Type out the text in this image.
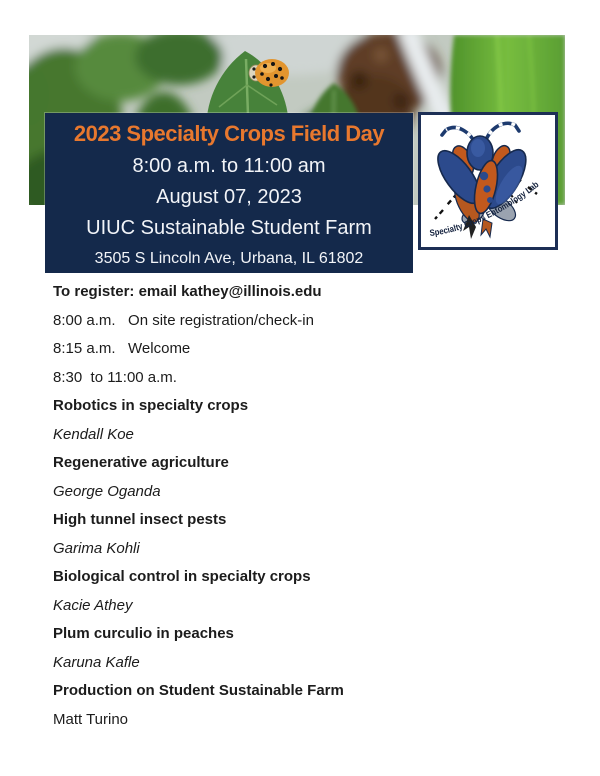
2023 Specialty Crops Field Day
8:00 a.m. to 11:00 am
August 07, 2023
UIUC Sustainable Student Farm
3505 S Lincoln Ave, Urbana, IL 61802
Specialty Crops Entomology Lab

To register: email kathey@illinois.edu

8:00 a.m.   On site registration/check-in

8:15 a.m.   Welcome

8:30  to 11:00 a.m.

Robotics in specialty crops

Kendall Koe

Regenerative agriculture

George Oganda

High tunnel insect pests

Garima Kohli

Biological control in specialty crops

Kacie Athey

Plum curculio in peaches

Karuna Kafle

Production on Student Sustainable Farm

Matt Turino
